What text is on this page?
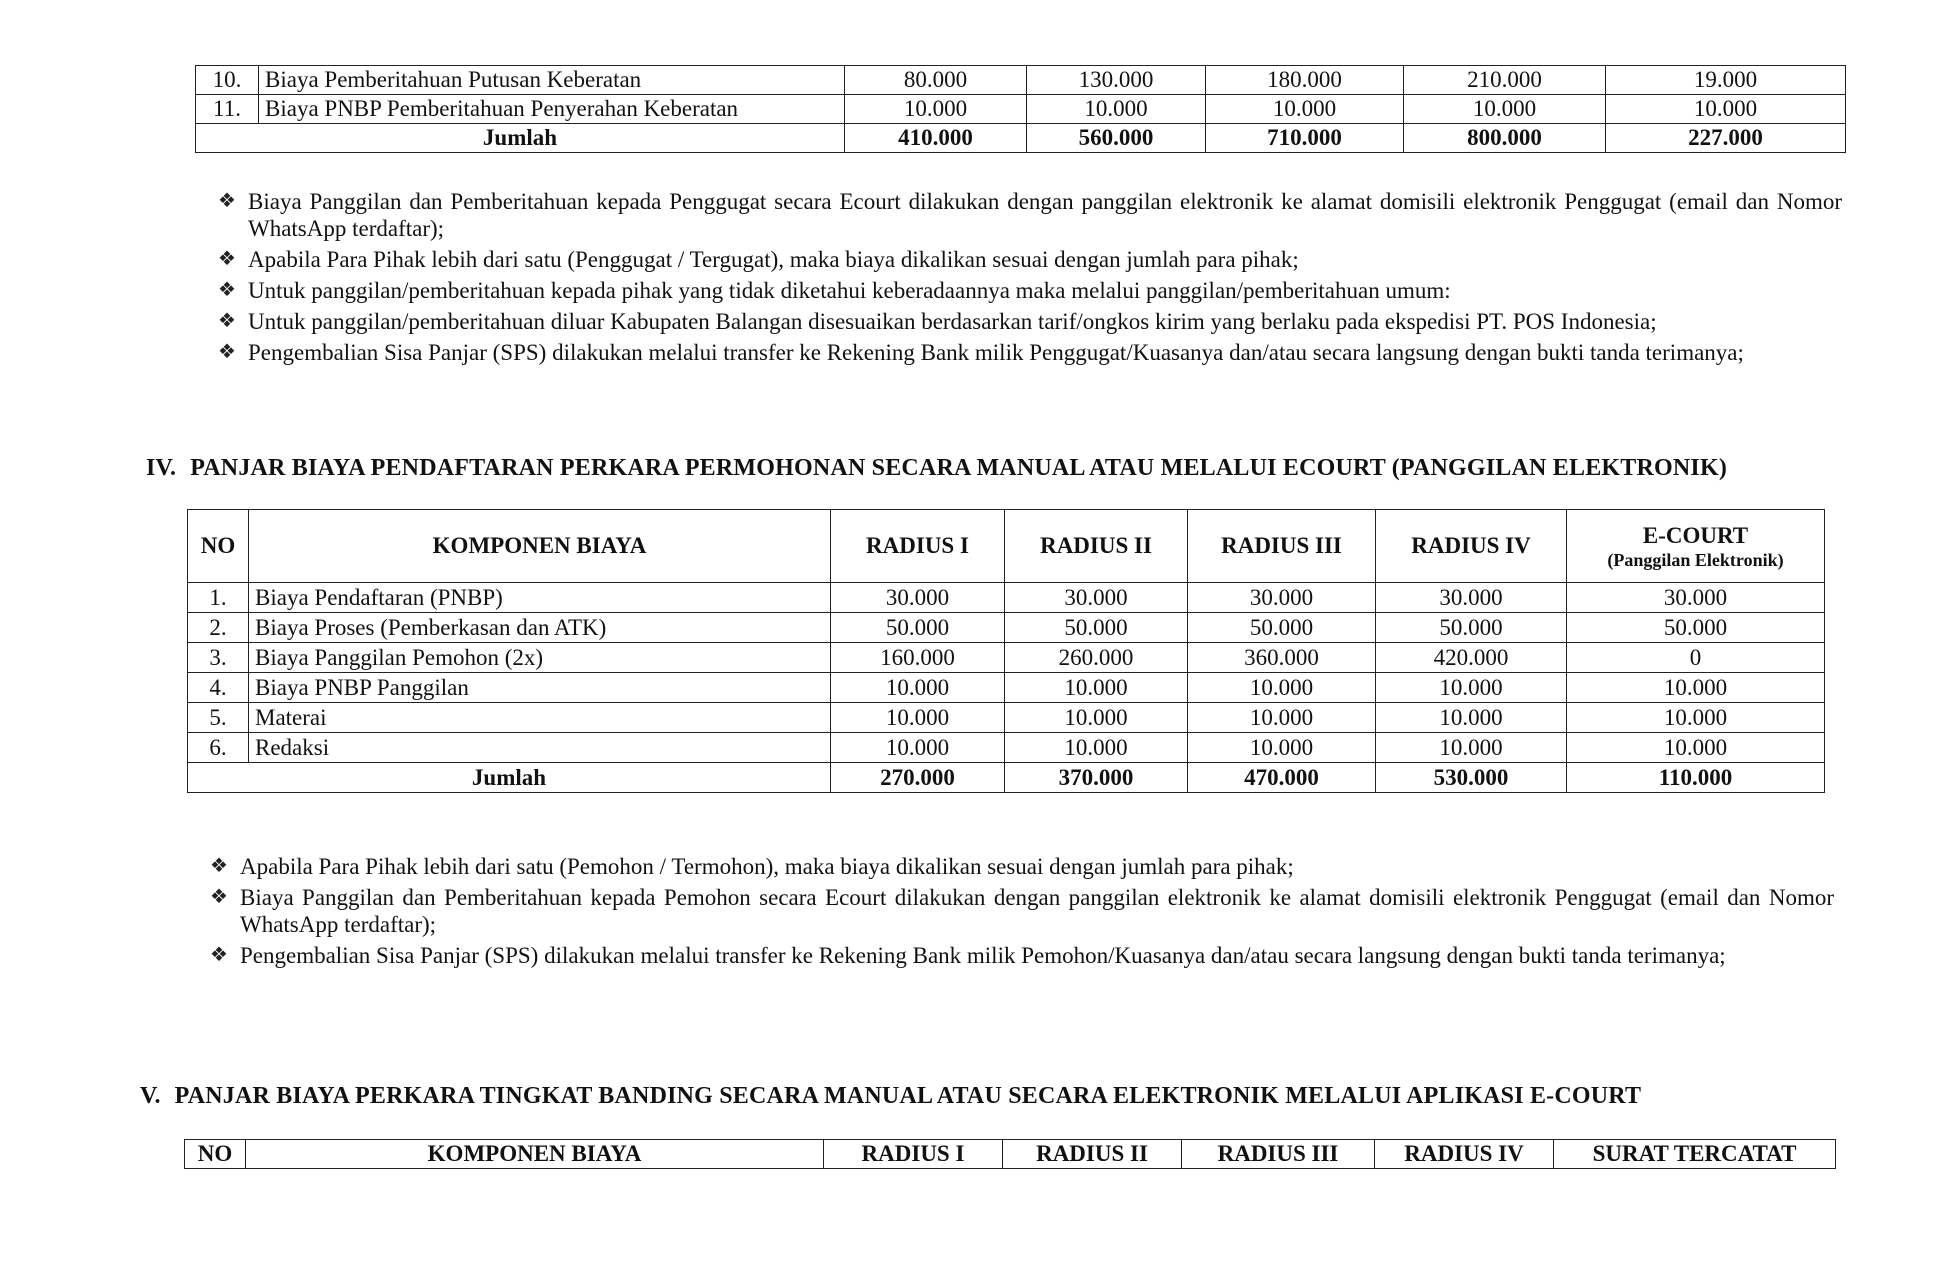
10.	Biaya Pemberitahuan Putusan Keberatan	80.000	130.000	180.000	210.000	19.000
11.	Biaya PNBP Pemberitahuan Penyerahan Keberatan	10.000	10.000	10.000	10.000	10.000
Jumlah		410.000	560.000	710.000	800.000	227.000
❖ Biaya Panggilan dan Pemberitahuan kepada Penggugat secara Ecourt dilakukan dengan panggilan elektronik ke alamat domisili elektronik Penggugat (email dan Nomor WhatsApp terdaftar);
❖ Apabila Para Pihak lebih dari satu (Penggugat / Tergugat), maka biaya dikalikan sesuai dengan jumlah para pihak;
❖ Untuk panggilan/pemberitahuan kepada pihak yang tidak diketahui keberadaannya maka melalui panggilan/pemberitahuan umum:
❖ Untuk panggilan/pemberitahuan diluar Kabupaten Balangan disesuaikan berdasarkan tarif/ongkos kirim yang berlaku pada ekspedisi PT. POS Indonesia;
❖ Pengembalian Sisa Panjar (SPS) dilakukan melalui transfer ke Rekening Bank milik Penggugat/Kuasanya dan/atau secara langsung dengan bukti tanda terimanya;
IV. PANJAR BIAYA PENDAFTARAN PERKARA PERMOHONAN SECARA MANUAL ATAU MELALUI ECOURT (PANGGILAN ELEKTRONIK)
NO	KOMPONEN BIAYA	RADIUS I	RADIUS II	RADIUS III	RADIUS IV	E-COURT
(Panggilan Elektronik)

1.	Biaya Pendaftaran (PNBP)	30.000	30.000	30.000	30.000	30.000
2.	Biaya Proses (Pemberkasan dan ATK)	50.000	50.000	50.000	50.000	50.000
3.	Biaya Panggilan Pemohon (2x)	160.000	260.000	360.000	420.000	0
4.	Biaya PNBP Panggilan	10.000	10.000	10.000	10.000	10.000
5.	Materai	10.000	10.000	10.000	10.000	10.000
6.	Redaksi	10.000	10.000	10.000	10.000	10.000
Jumlah		270.000	370.000	470.000	530.000	110.000
❖ Apabila Para Pihak lebih dari satu (Pemohon / Termohon), maka biaya dikalikan sesuai dengan jumlah para pihak;
❖ Biaya Panggilan dan Pemberitahuan kepada Pemohon secara Ecourt dilakukan dengan panggilan elektronik ke alamat domisili elektronik Penggugat (email dan Nomor WhatsApp terdaftar);
❖ Pengembalian Sisa Panjar (SPS) dilakukan melalui transfer ke Rekening Bank milik Pemohon/Kuasanya dan/atau secara langsung dengan bukti tanda terimanya;
V. PANJAR BIAYA PERKARA TINGKAT BANDING SECARA MANUAL ATAU SECARA ELEKTRONIK MELALUI APLIKASI E-COURT
NO	KOMPONEN BIAYA	RADIUS I	RADIUS II	RADIUS III	RADIUS IV	SURAT TERCATAT
